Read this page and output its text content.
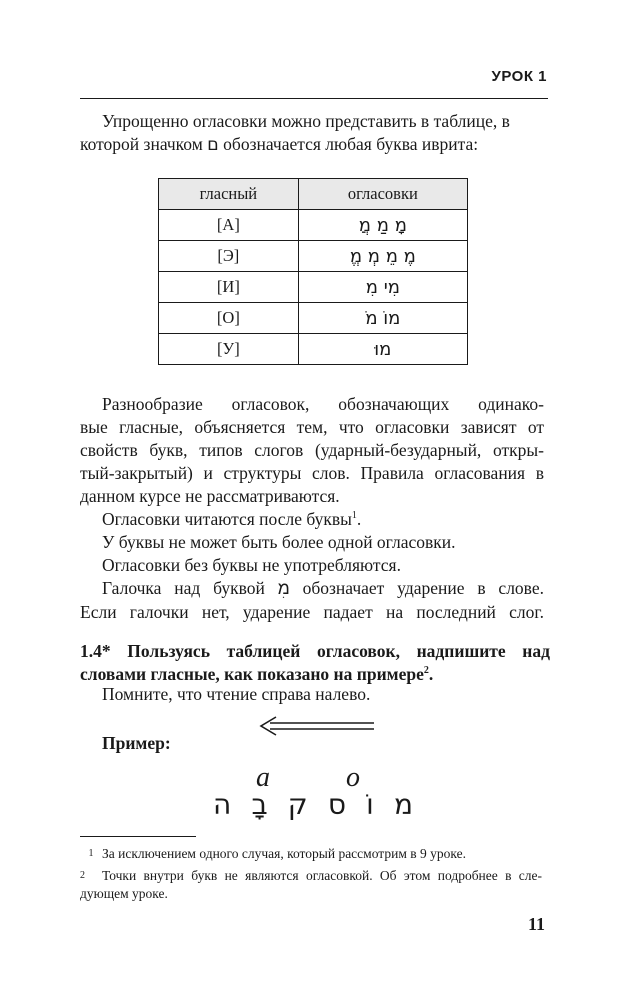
УРОК 1
Упрощенно огласовки можно представить в таблице, в
которой значком ם обозначается любая буква иврита:
гласный	огласовки
[А]	מָ מַ מֲ
[Э]	מֶ מֵ מְ מֱ
[И]	מִי מִ
[О]	מוֹ מֹ
[У]	מוּ
Разнообразие огласовок, обозначающих одинако-
вые гласные, объясняется тем, что огласовки зависят от
свойств букв, типов слогов (ударный-безударный, откры-
тый-закрытый) и структуры слов. Правила огласования в
данном курсе не рассматриваются.
Огласовки читаются после буквы$^1$.
У буквы не может быть более одной огласовки.
Огласовки без буквы не употребляются.
Галочка над буквой מׅ обозначает ударение в слове.
Если галочки нет, ударение падает на последний слог.
1.4* Пользуясь таблицей огласовок, надпишите над
словами гласные, как показано на примере$^2$.
Помните, что чтение справа налево.
Пример:
a	o
ה בָ ק ס וֹ מ
1 За исключением одного случая, который рассмотрим в 9 уроке.
2 Точки внутри букв не являются огласовкой. Об этом подробнее в сле-
дующем уроке.
11
